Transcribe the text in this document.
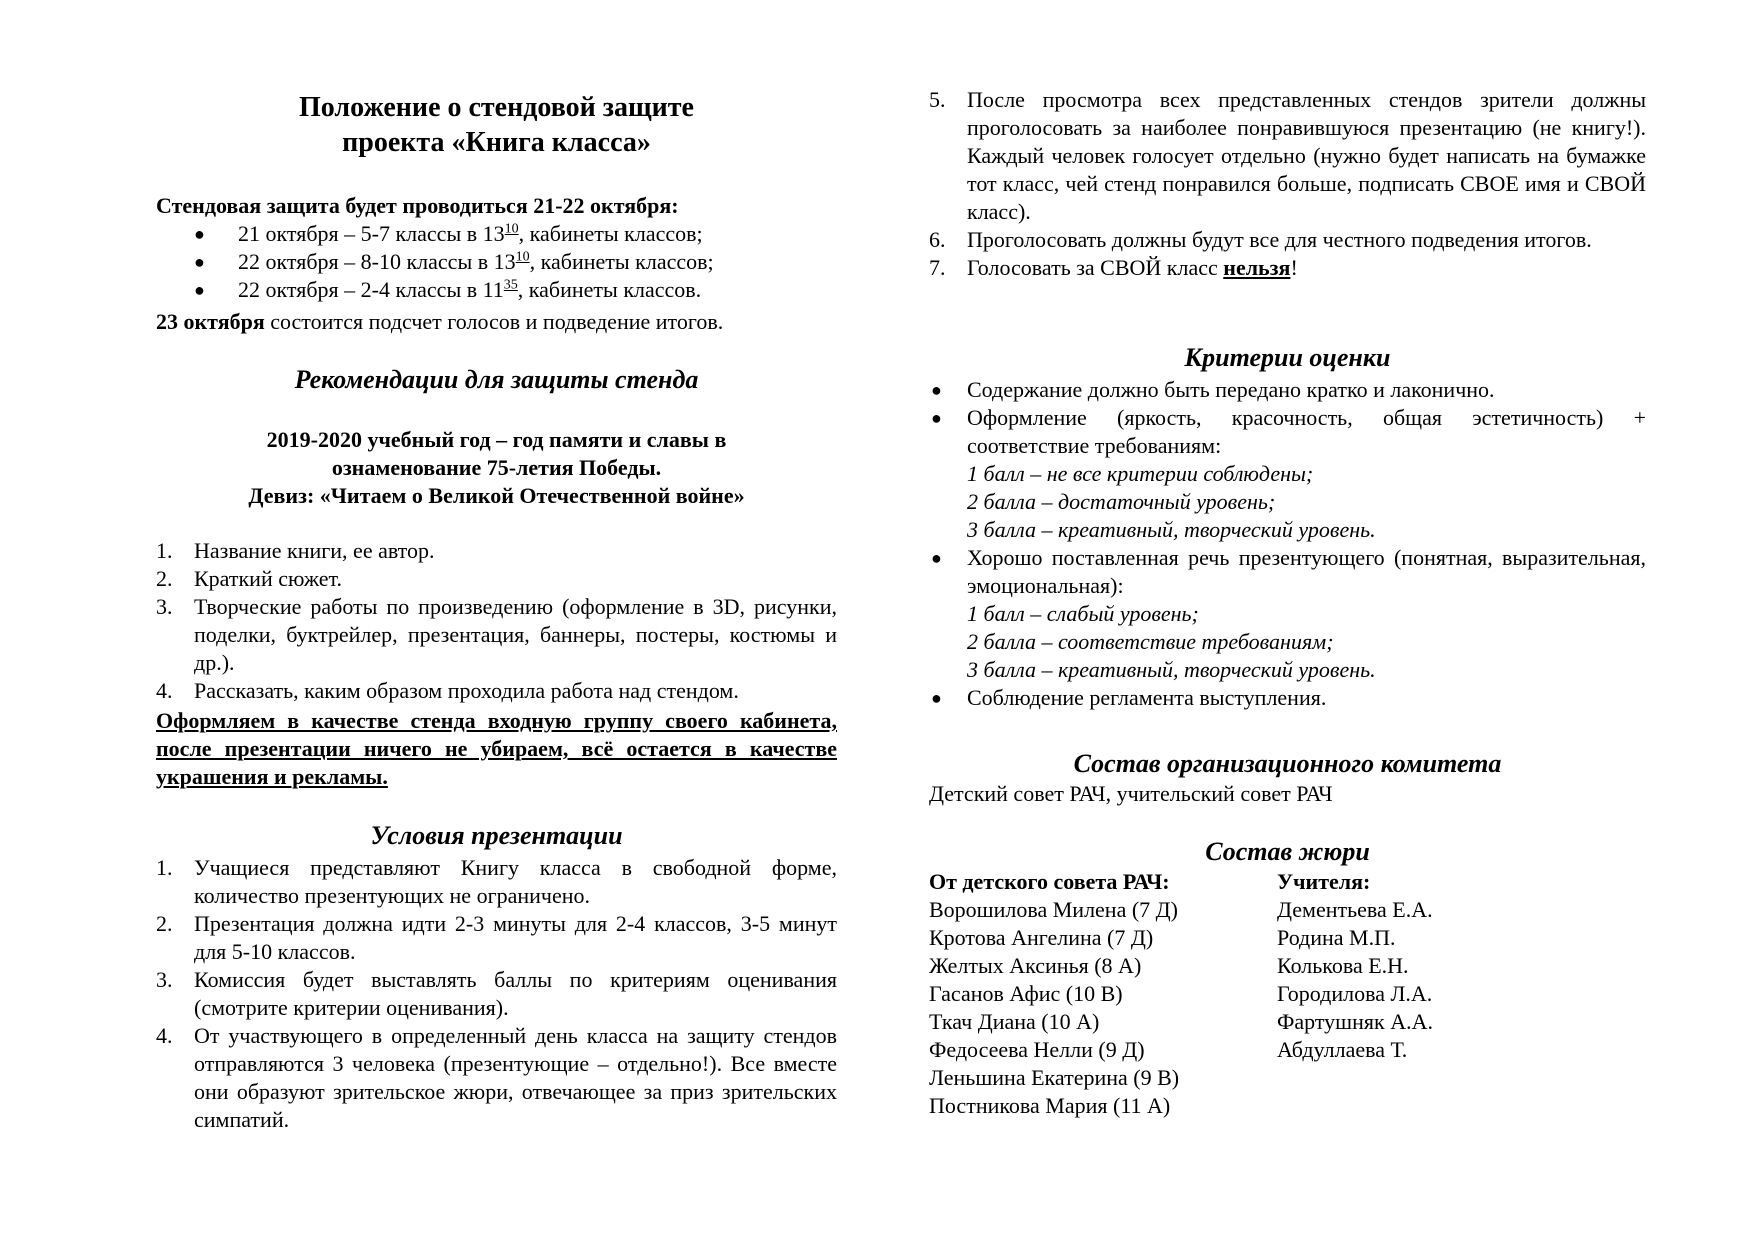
Положение о стендовой защите
проекта «Книга класса»
Стендовая защита будет проводиться 21-22 октября:
● 21 октября – 5-7 классы в $13^{10}$, кабинеты классов;
● 22 октября – 8-10 классы в $13^{10}$, кабинеты классов;
● 22 октября – 2-4 классы в $11^{35}$, кабинеты классов.
23 октября состоится подсчет голосов и подведение итогов.
Рекомендации для защиты стенда
2019-2020 учебный год – год памяти и славы в
ознаменование 75-летия Победы.
Девиз: «Читаем о Великой Отечественной войне»
1. Название книги, ее автор.
2. Краткий сюжет.
3. Творческие работы по произведению (оформление в 3D, рисунки, поделки, буктрейлер, презентация, баннеры, постеры, костюмы и др.).
4. Рассказать, каким образом проходила работа над стендом.
Оформляем в качестве стенда входную группу своего кабинета, после презентации ничего не убираем, всё остается в качестве украшения и рекламы.
Условия презентации
1. Учащиеся представляют Книгу класса в свободной форме, количество презентующих не ограничено.
2. Презентация должна идти 2-3 минуты для 2-4 классов, 3-5 минут для 5-10 классов.
3. Комиссия будет выставлять баллы по критериям оценивания (смотрите критерии оценивания).
4. От участвующего в определенный день класса на защиту стендов отправляются 3 человека (презентующие – отдельно!). Все вместе они образуют зрительское жюри, отвечающее за приз зрительских симпатий.
5. После просмотра всех представленных стендов зрители должны проголосовать за наиболее понравившуюся презентацию (не книгу!). Каждый человек голосует отдельно (нужно будет написать на бумажке тот класс, чей стенд понравился больше, подписать СВОЕ имя и СВОЙ класс).
6. Проголосовать должны будут все для честного подведения итогов.
7. Голосовать за СВОЙ класс нельзя!
Критерии оценки
● Содержание должно быть передано кратко и лаконично.
● Оформление (яркость, красочность, общая эстетичность) + соответствие требованиям:
1 балл – не все критерии соблюдены;
2 балла – достаточный уровень;
3 балла – креативный, творческий уровень.
● Хорошо поставленная речь презентующего (понятная, выразительная, эмоциональная):
1 балл – слабый уровень;
2 балла – соответствие требованиям;
3 балла – креативный, творческий уровень.
● Соблюдение регламента выступления.
Состав организационного комитета
Детский совет РАЧ, учительский совет РАЧ
Состав жюри
От детского совета РАЧ:
Ворошилова Милена (7 Д)
Кротова Ангелина (7 Д)
Желтых Аксинья (8 А)
Гасанов Афис (10 В)
Ткач Диана (10 А)
Федосеева Нелли (9 Д)
Леньшина Екатерина (9 В)
Постникова Мария (11 А)
Учителя:
Дементьева Е.А.
Родина М.П.
Колькова Е.Н.
Городилова Л.А.
Фартушняк А.А.
Абдуллаева Т.
